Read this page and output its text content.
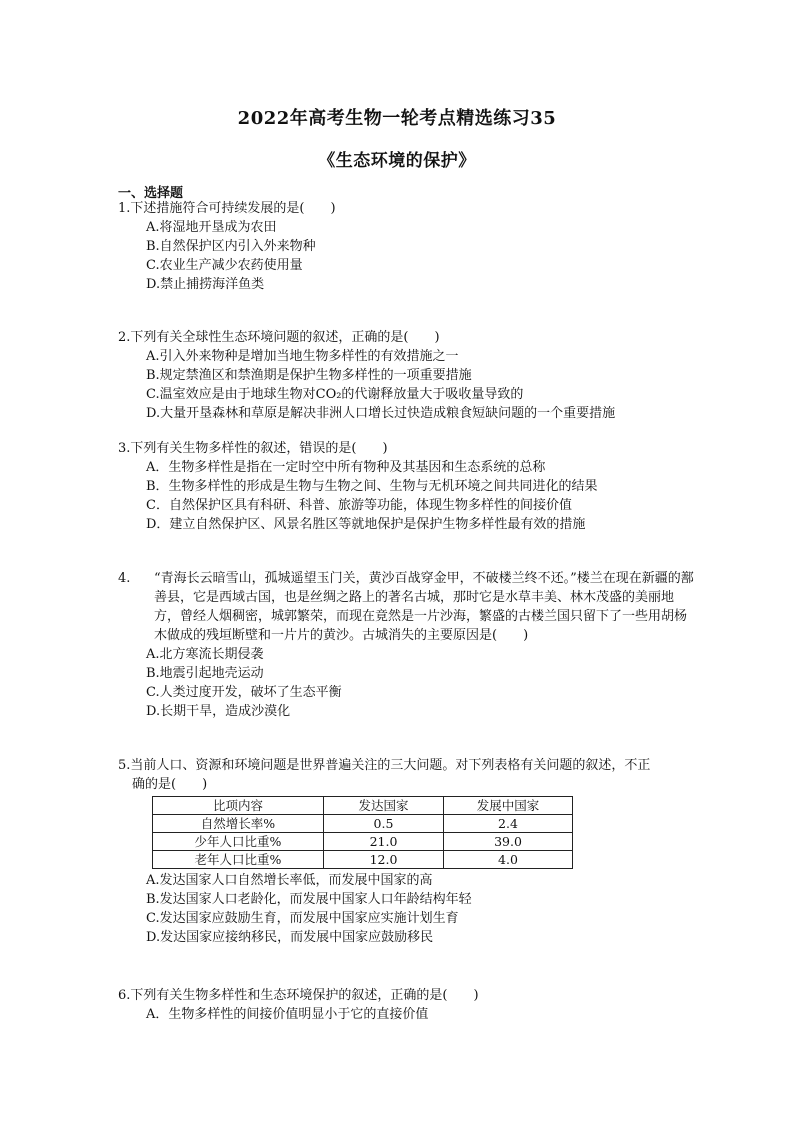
2022年高考生物一轮考点精选练习35
《生态环境的保护》
一、选择题
1.下述措施符合可持续发展的是(　　)
A.将湿地开垦成为农田
B.自然保护区内引入外来物种
C.农业生产减少农药使用量
D.禁止捕捞海洋鱼类
2.下列有关全球性生态环境问题的叙述，正确的是(　　)
A.引入外来物种是增加当地生物多样性的有效措施之一
B.规定禁渔区和禁渔期是保护生物多样性的一项重要措施
C.温室效应是由于地球生物对CO₂的代谢释放量大于吸收量导致的
D.大量开垦森林和草原是解决非洲人口增长过快造成粮食短缺问题的一个重要措施
3.下列有关生物多样性的叙述，错误的是(　　)
A．生物多样性是指在一定时空中所有物种及其基因和生态系统的总称
B．生物多样性的形成是生物与生物之间、生物与无机环境之间共同进化的结果
C．自然保护区具有科研、科普、旅游等功能，体现生物多样性的间接价值
D．建立自然保护区、风景名胜区等就地保护是保护生物多样性最有效的措施
4.	“青海长云暗雪山，孤城遥望玉门关，黄沙百战穿金甲，不破楼兰终不还。”楼兰在现在新疆的鄯善县，它是西域古国，也是丝绸之路上的著名古城，那时它是水草丰美、林木茂盛的美丽地方，曾经人烟稠密，城郭繁荣，而现在竟然是一片沙海，繁盛的古楼兰国只留下了一些用胡杨木做成的残垣断壁和一片片的黄沙。古城消失的主要原因是(　　)
A.北方寒流长期侵袭
B.地震引起地壳运动
C.人类过度开发，破坏了生态平衡
D.长期干旱，造成沙漠化
5.当前人口、资源和环境问题是世界普遍关注的三大问题。对下列表格有关问题的叙述，不正
确的是(　　)
比项内容	发达国家	发展中国家
自然增长率%	0.5	2.4
少年人口比重%	21.0	39.0
老年人口比重%	12.0	4.0
A.发达国家人口自然增长率低，而发展中国家的高
B.发达国家人口老龄化，而发展中国家人口年龄结构年轻
C.发达国家应鼓励生育，而发展中国家应实施计划生育
D.发达国家应接纳移民，而发展中国家应鼓励移民
6.下列有关生物多样性和生态环境保护的叙述，正确的是(　　)
A．生物多样性的间接价值明显小于它的直接价值
